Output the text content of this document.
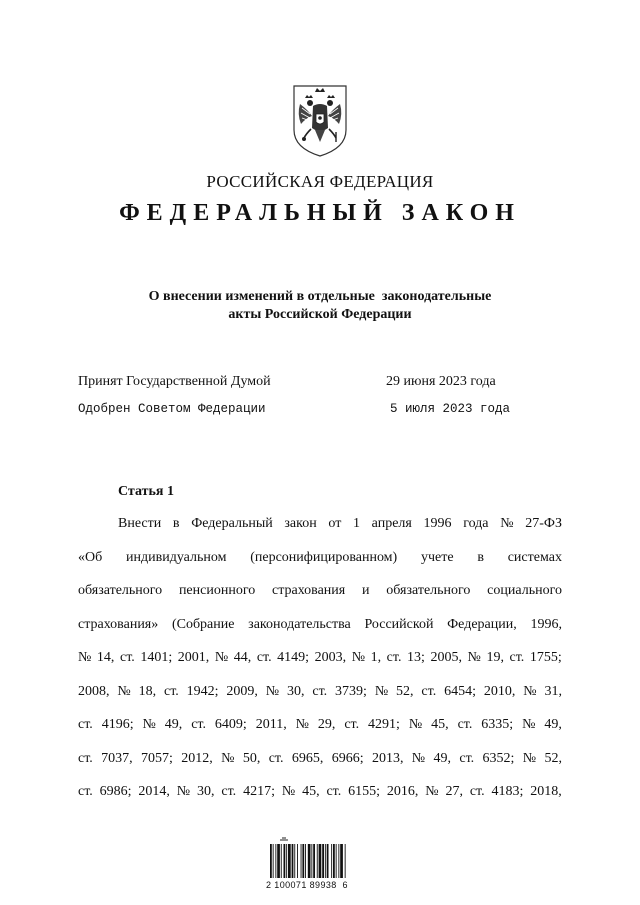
РОССИЙСКАЯ ФЕДЕРАЦИЯ
ФЕДЕРАЛЬНЫЙ ЗАКОН
О внесении изменений в отдельные  законодательные
акты Российской Федерации
Принят Государственной Думой	29 июня 2023 года
Одобрен Советом Федерации	5 июля 2023 года
Статья 1
Внести в Федеральный закон от 1 апреля 1996 года № 27-ФЗ
«Об индивидуальном (персонифицированном) учете в системах
обязательного пенсионного страхования и обязательного социального
страхования» (Собрание законодательства Российской Федерации, 1996,
№ 14, ст. 1401; 2001, № 44, ст. 4149; 2003, № 1, ст. 13; 2005, № 19, ст. 1755;
2008, № 18, ст. 1942; 2009, № 30, ст. 3739; № 52, ст. 6454; 2010, № 31,
ст. 4196; № 49, ст. 6409; 2011, № 29, ст. 4291; № 45, ст. 6335; № 49,
ст. 7037, 7057; 2012, № 50, ст. 6965, 6966; 2013, № 49, ст. 6352; № 52,
ст. 6986; 2014, № 30, ст. 4217; № 45, ст. 6155; 2016, № 27, ст. 4183; 2018,
2 100071 89938  6
